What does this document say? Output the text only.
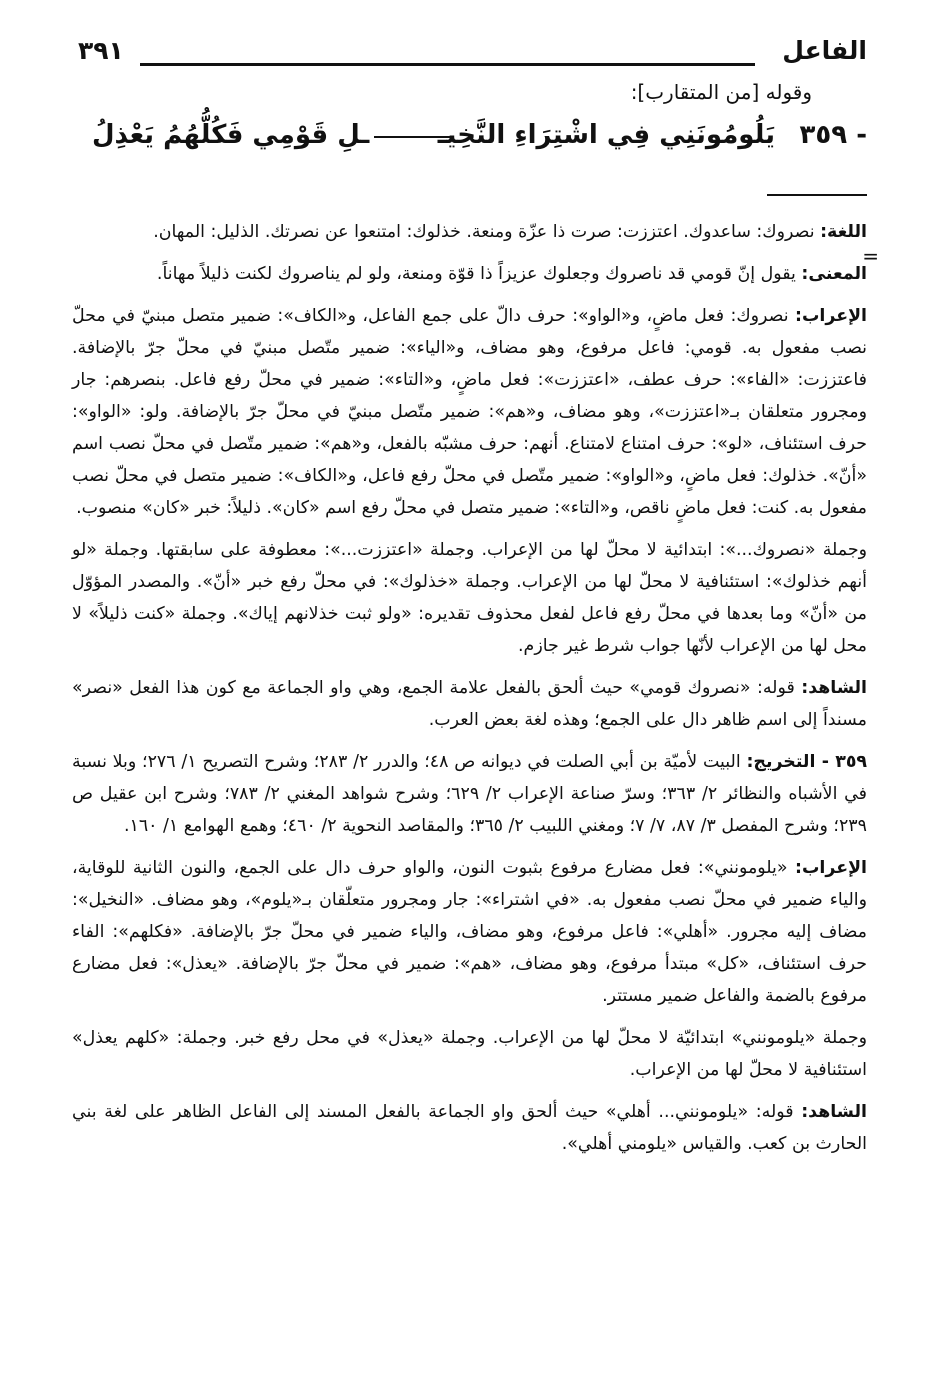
الفاعل
٣٩١
وقوله [من المتقارب]:
٣٥٩ -
يَلُومُونَنِي فِي اشْتِرَاءِ النَّخِيـ
ـلِ قَوْمِي فَكُلُّهُمُ يَعْذِلُ
=

اللغة: نصروك: ساعدوك. اعتززت: صرت ذا عزّة ومنعة. خذلوك: امتنعوا عن نصرتك. الذليل: المهان.

المعنى: يقول إنّ قومي قد ناصروك وجعلوك عزيزاً ذا قوّة ومنعة، ولو لم يناصروك لكنت ذليلاً مهاناً.

الإعراب: نصروك: فعل ماضٍ، و«الواو»: حرف دالّ على جمع الفاعل، و«الكاف»: ضمير متصل مبنيّ في محلّ نصب مفعول به. قومي: فاعل مرفوع، وهو مضاف، و«الياء»: ضمير متّصل مبنيّ في محلّ جرّ بالإضافة. فاعتززت: «الفاء»: حرف عطف، «اعتززت»: فعل ماضٍ، و«التاء»: ضمير في محلّ رفع فاعل. بنصرهم: جار ومجرور متعلقان بـ«اعتززت»، وهو مضاف، و«هم»: ضمير متّصل مبنيّ في محلّ جرّ بالإضافة. ولو: «الواو»: حرف استئناف، «لو»: حرف امتناع لامتناع. أنهم: حرف مشبّه بالفعل، و«هم»: ضمير متّصل في محلّ نصب اسم «أنّ». خذلوك: فعل ماضٍ، و«الواو»: ضمير متّصل في محلّ رفع فاعل، و«الكاف»: ضمير متصل في محلّ نصب مفعول به. كنت: فعل ماضٍ ناقص، و«التاء»: ضمير متصل في محلّ رفع اسم «كان». ذليلاً: خبر «كان» منصوب.

وجملة «نصروك...»: ابتدائية لا محلّ لها من الإعراب. وجملة «اعتززت...»: معطوفة على سابقتها. وجملة «لو أنهم خذلوك»: استئنافية لا محلّ لها من الإعراب. وجملة «خذلوك»: في محلّ رفع خبر «أنّ». والمصدر المؤوّل من «أنّ» وما بعدها في محلّ رفع فاعل لفعل محذوف تقديره: «ولو ثبت خذلانهم إياك». وجملة «كنت ذليلاً» لا محل لها من الإعراب لأنّها جواب شرط غير جازم.

الشاهد: قوله: «نصروك قومي» حيث ألحق بالفعل علامة الجمع، وهي واو الجماعة مع كون هذا الفعل «نصر» مسنداً إلى اسم ظاهر دال على الجمع؛ وهذه لغة بعض العرب.

٣٥٩ - التخريج: البيت لأميّة بن أبي الصلت في ديوانه ص ٤٨؛ والدرر ٢/ ٢٨٣؛ وشرح التصريح ١/ ٢٧٦؛ وبلا نسبة في الأشباه والنظائر ٢/ ٣٦٣؛ وسرّ صناعة الإعراب ٢/ ٦٢٩؛ وشرح شواهد المغني ٢/ ٧٨٣؛ وشرح ابن عقيل ص ٢٣٩؛ وشرح المفصل ٣/ ٨٧، ٧/ ٧؛ ومغني اللبيب ٢/ ٣٦٥؛ والمقاصد النحوية ٢/ ٤٦٠؛ وهمع الهوامع ١/ ١٦٠.

الإعراب: «يلومونني»: فعل مضارع مرفوع بثبوت النون، والواو حرف دال على الجمع، والنون الثانية للوقاية، والياء ضمير في محلّ نصب مفعول به. «في اشتراء»: جار ومجرور متعلّقان بـ«يلوم»، وهو مضاف. «النخيل»: مضاف إليه مجرور. «أهلي»: فاعل مرفوع، وهو مضاف، والياء ضمير في محلّ جرّ بالإضافة. «فكلهم»: الفاء حرف استئناف، «كل» مبتدأ مرفوع، وهو مضاف، «هم»: ضمير في محلّ جرّ بالإضافة. «يعذل»: فعل مضارع مرفوع بالضمة والفاعل ضمير مستتر.

وجملة «يلومونني» ابتدائيّة لا محلّ لها من الإعراب. وجملة «يعذل» في محل رفع خبر. وجملة: «كلهم يعذل» استئنافية لا محلّ لها من الإعراب.

الشاهد: قوله: «يلومونني... أهلي» حيث ألحق واو الجماعة بالفعل المسند إلى الفاعل الظاهر على لغة بني الحارث بن كعب. والقياس «يلومني أهلي».
